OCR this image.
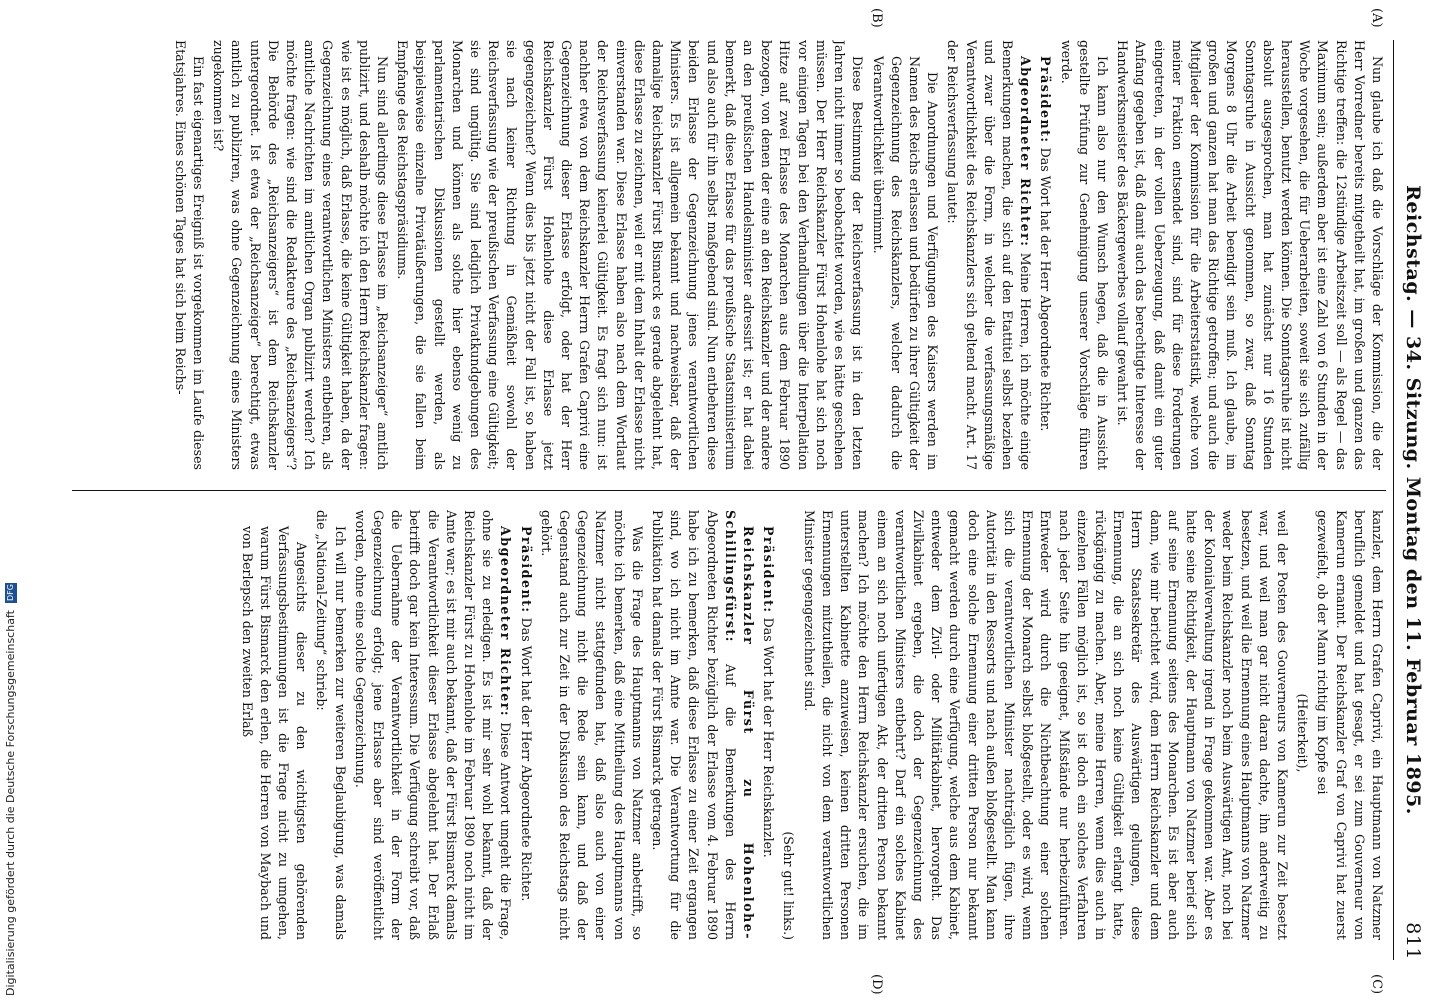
Reichstag. — 34. Sitzung. Montag den 11. Februar 1895.
811
(A)
(B)
(C)
(D)

Nun glaube ich daß die Vorschläge der Kommission, die der Herr Vorredner bereits mitgetheilt hat, im großen und ganzen das Richtige treffen: die 12stündige Arbeitszeit soll — als Regel — das Maximum sein; außerdem aber ist eine Zahl von 6 Stunden in der Woche vorgesehen, die für Ueberarbeiten, soweit sie sich zufällig herausstellen, benutzt werden können. Die Sonntagsruhe ist nicht absolut ausgesprochen, man hat zunächst nur 16 Stunden Sonntagsruhe in Aussicht genommen, so zwar, daß Sonntag Morgens 8 Uhr die Arbeit beendigt sein muß. Ich glaube, im großen und ganzen hat man das Richtige getroffen; und auch die Mitglieder der Kommission für die Arbeiterstatistik, welche von meiner Fraktion entsendet sind, sind für diese Forderungen eingetreten, in der vollen Ueberzeugung, daß damit ein guter Anfang gegeben ist, daß damit auch das berechtigte Interesse der Handwerksmeister des Bäckergewerbes vollauf gewahrt ist.

Ich kann also nur den Wunsch hegen, daß die in Aussicht gestellte Prüfung zur Genehmigung unserer Vorschläge führen werde.

Präsident: Das Wort hat der Herr Abgeordnete Richter.

Abgeordneter Richter: Meine Herren, ich möchte einige Bemerkungen machen, die sich auf den Etattitel selbst beziehen und zwar über die Form, in welcher die verfassungsmäßige Verantwortlichkeit des Reichskanzlers sich geltend macht. Art. 17 der Reichsverfassung lautet:

Die Anordnungen und Verfügungen des Kaisers werden im Namen des Reichs erlassen und bedürfen zu ihrer Gültigkeit der Gegenzeichnung des Reichskanzlers, welcher dadurch die Verantwortlichkeit übernimmt.

Diese Bestimmung der Reichsverfassung ist in den letzten Jahren nicht immer so beobachtet worden, wie es hätte geschehen müssen. Der Herr Reichskanzler Fürst Hohenlohe hat sich noch vor einigen Tagen bei den Verhandlungen über die Interpellation Hitze auf zwei Erlasse des Monarchen aus dem Februar 1890 bezogen, von denen der eine an den Reichskanzler und der andere an den preußischen Handelsminister adressirt ist; er hat dabei bemerkt, daß diese Erlasse für das preußische Staatsministerium und also auch für ihn selbst maßgebend sind. Nun entbehren diese beiden Erlasse der Gegenzeichnung jenes verantwortlichen Ministers. Es ist allgemein bekannt und nachweisbar, daß der damalige Reichskanzler Fürst Bismarck es gerade abgelehnt hat, diese Erlasse zu zeichnen, weil er mit dem Inhalt der Erlasse nicht einverstanden war. Diese Erlasse haben also nach dem Wortlaut der Reichsverfassung keinerlei Gültigkeit. Es fragt sich nun: ist nachher etwa von dem Reichskanzler Herrn Grafen Caprivi eine Gegenzeichnung dieser Erlasse erfolgt, oder hat der Herr Reichskanzler Fürst Hohenlohe diese Erlasse jetzt gegengezeichnet? Wenn dies bis jetzt nicht der Fall ist, so haben sie nach keiner Richtung in Gemäßheit sowohl der Reichsverfassung wie der preußischen Verfassung eine Gültigkeit; sie sind ungültig. Sie sind lediglich Privatkundgebungen des Monarchen und können als solche hier ebenso wenig zu parlamentarischen Diskussionen gestellt werden, als beispielsweise einzelne Privatäußerungen, die sie fallen beim Empfange des Reichstagspräsidiums.

Nun sind allerdings diese Erlasse im „Reichsanzeiger“ amtlich publizirt, und deshalb möchte ich den Herrn Reichskanzler fragen: wie ist es möglich, daß Erlasse, die keine Gültigkeit haben, da der Gegenzeichnung eines verantwortlichen Ministers entbehren, als amtliche Nachrichten im amtlichen Organ publizirt werden? Ich möchte fragen: wie sind die Redakteure des „Reichsanzeigers“? Die Behörde des „Reichsanzeigers“ ist dem Reichskanzler untergeordnet. Ist etwa der „Reichsanzeiger“ berechtigt, etwas amtlich zu publiziren, was ohne Gegenzeichnung eines Ministers zugekommen ist?

Ein fast eigenartiges Ereigniß ist vorgekommen im Laufe dieses Etatsjahres. Eines schönen Tages hat sich beim Reichs-

kanzler, dem Herrn Grafen Caprivi, ein Hauptmann von Natzmer beruflich gemeldet und hat gesagt, er sei zum Gouverneur von Kamerun ernannt. Der Reichskanzler Graf von Caprivi hat zuerst gezweifelt, ob der Mann richtig im Kopfe sei

(Heiterkeit),

weil der Posten des Gouverneurs von Kamerun zur Zeit besetzt war, und weil man gar nicht daran dachte, ihn anderweitig zu besetzen, und weil die Ernennung eines Hauptmanns von Natzmer weder beim Reichskanzler noch beim Auswärtigen Amt, noch bei der Kolonialverwaltung irgend in Frage gekommen war. Aber es hatte seine Richtigkeit, der Hauptmann von Natzmer berief sich auf seine Ernennung seitens des Monarchen. Es ist aber auch dann, wie mir berichtet wird, dem Herrn Reichskanzler und dem Herrn Staatssekretär des Auswärtigen gelungen, diese Ernennung, die an sich noch keine Gültigkeit erlangt hatte, rückgängig zu machen. Aber, meine Herren, wenn dies auch in einzelnen Fällen möglich ist, so ist doch ein solches Verfahren nach jeder Seite hin geeignet, Mißstände nur herbeizuführen. Entweder wird durch die Nichtbeachtung einer solchen Ernennung der Monarch selbst bloßgestellt, oder es wird, wenn sich die verantwortlichen Minister nachträglich fügen, ihre Autorität in den Ressorts und nach außen bloßgestellt. Man kann doch eine solche Ernennung einer dritten Person nur bekannt gemacht werden durch eine Verfügung, welche aus dem Kabinet, entweder dem Zivil- oder Militärkabinet, hervorgeht. Das Zivilkabinet ergeben, die doch der Gegenzeichnung des verantwortlichen Ministers entbehrt? Darf ein solches Kabinet einem an sich noch unfertigen Akt, der dritten Person bekannt machen? Ich möchte den Herrn Reichskanzler ersuchen, die im unterstellten Kabinette anzuweisen, keinen dritten Personen Ernennungen mitzutheilen, die nicht von dem verantwortlichen Minister gegengezeichnet sind.

(Sehr gut! links.)

Präsident: Das Wort hat der Herr Reichskanzler.

Reichskanzler Fürst zu Hohenlohe-Schillingsfürst: Auf die Bemerkungen des Herrn Abgeordneten Richter bezüglich der Erlasse vom 4. Februar 1890 habe ich zu bemerken, daß diese Erlasse zu einer Zeit ergangen sind, wo ich nicht im Amte war. Die Verantwortung für die Publikation hat damals der Fürst Bismarck getragen.

Was die Frage des Hauptmanns von Natzmer anbetrifft, so möchte ich bemerken, daß eine Mittheilung des Hauptmanns von Natzmer nicht stattgefunden hat, daß also auch von einer Gegenzeichnung nicht die Rede sein kann, und daß der Gegenstand auch zur Zeit in der Diskussion des Reichstags nicht gehört.

Präsident: Das Wort hat der Herr Abgeordnete Richter.

Abgeordneter Richter: Diese Antwort umgeht die Frage, ohne sie zu erledigen. Es ist mir sehr wohl bekannt, daß der Reichskanzler Fürst zu Hohenlohe im Februar 1890 noch nicht im Amte war; es ist mir auch bekannt, daß der Fürst Bismarck damals die Verantwortlichkeit dieser Erlasse abgelehnt hat. Der Erlaß betrifft doch gar kein Interessum. Die Verfügung schreibt vor, daß die Uebernahme der Verantwortlichkeit in der Form der Gegenzeichnung erfolgt; jene Erlasse aber sind veröffentlicht worden, ohne eine solche Gegenzeichnung.

Ich will nur bemerken zur weiteren Beglaubigung, was damals die „National-Zeitung“ schrieb:

Angesichts dieser zu den wichtigsten gehörenden Verfassungsbestimmungen ist die Frage nicht zu umgehen, warum Fürst Bismarck den erlen, die Herren von Maybach und von Berlepsch den zweiten Erlaß

Digitalisierung gefördert durch die Deutsche Forschungsgemeinschaft DFG
